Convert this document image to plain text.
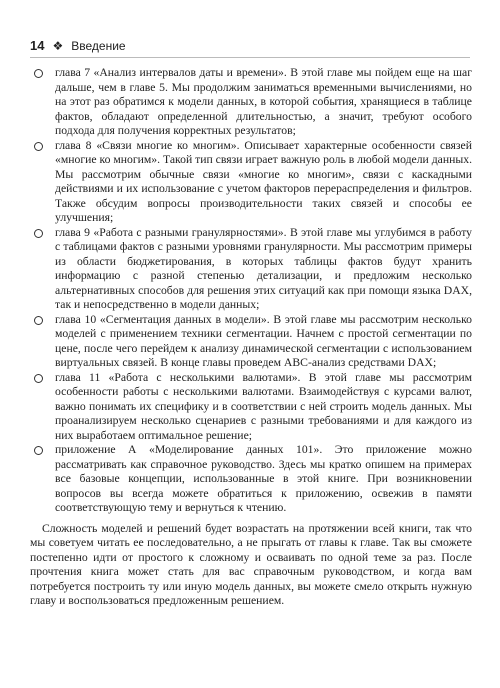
14 ❖ Введение
глава 7 «Анализ интервалов даты и времени». В этой главе мы пойдем еще на шаг дальше, чем в главе 5. Мы продолжим заниматься временными вычислениями, но на этот раз обратимся к модели данных, в которой события, хранящиеся в таблице фактов, обладают определенной длительностью, а значит, требуют особого подхода для получения корректных результатов;
глава 8 «Связи многие ко многим». Описывает характерные особенности связей «многие ко многим». Такой тип связи играет важную роль в любой модели данных. Мы рассмотрим обычные связи «многие ко многим», связи с каскадными действиями и их использование с учетом факторов перераспределения и фильтров. Также обсудим вопросы производительности таких связей и способы ее улучшения;
глава 9 «Работа с разными гранулярностями». В этой главе мы углубимся в работу с таблицами фактов с разными уровнями гранулярности. Мы рассмотрим примеры из области бюджетирования, в которых таблицы фактов будут хранить информацию с разной степенью детализации, и предложим несколько альтернативных способов для решения этих ситуаций как при помощи языка DAX, так и непосредственно в модели данных;
глава 10 «Сегментация данных в модели». В этой главе мы рассмотрим несколько моделей с применением техники сегментации. Начнем с простой сегментации по цене, после чего перейдем к анализу динамической сегментации с использованием виртуальных связей. В конце главы проведем ABC-анализ средствами DAX;
глава 11 «Работа с несколькими валютами». В этой главе мы рассмотрим особенности работы с несколькими валютами. Взаимодействуя с курсами валют, важно понимать их специфику и в соответствии с ней строить модель данных. Мы проанализируем несколько сценариев с разными требованиями и для каждого из них выработаем оптимальное решение;
приложение А «Моделирование данных 101». Это приложение можно рассматривать как справочное руководство. Здесь мы кратко опишем на примерах все базовые концепции, использованные в этой книге. При возникновении вопросов вы всегда можете обратиться к приложению, освежив в памяти соответствующую тему и вернуться к чтению.

Сложность моделей и решений будет возрастать на протяжении всей книги, так что мы советуем читать ее последовательно, а не прыгать от главы к главе. Так вы сможете постепенно идти от простого к сложному и осваивать по одной теме за раз. После прочтения книга может стать для вас справочным руководством, и когда вам потребуется построить ту или иную модель данных, вы можете смело открыть нужную главу и воспользоваться предложенным решением.
